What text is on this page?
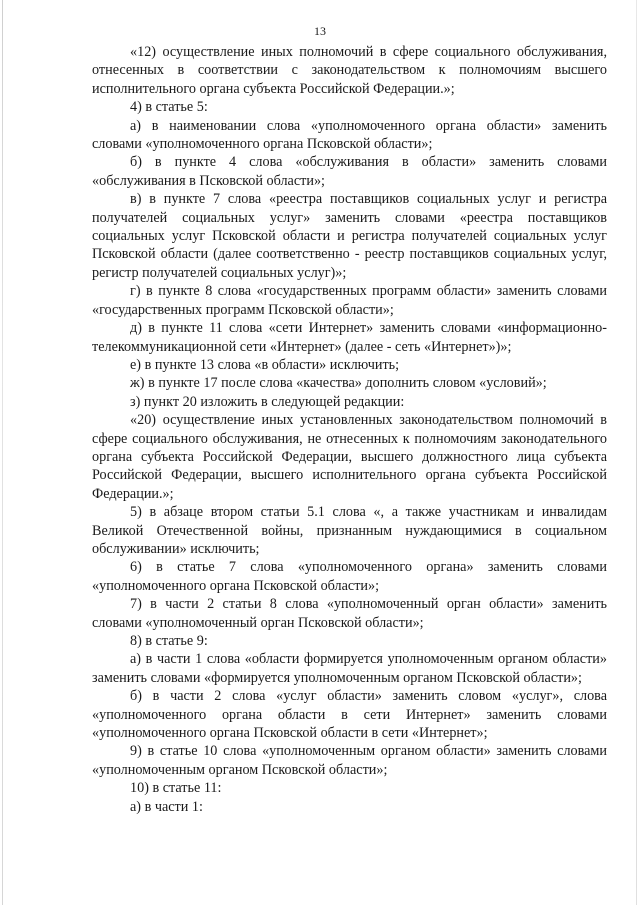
13

«12) осуществление иных полномочий в сфере социального обслуживания, отнесенных в соответствии с законодательством к полномочиям высшего исполнительного органа субъекта Российской Федерации.»;

4) в статье 5:

а) в наименовании слова «уполномоченного органа области» заменить словами «уполномоченного органа Псковской области»;

б) в пункте 4 слова «обслуживания в области» заменить словами «обслуживания в Псковской области»;

в) в пункте 7 слова «реестра поставщиков социальных услуг и регистра получателей социальных услуг» заменить словами «реестра поставщиков социальных услуг Псковской области и регистра получателей социальных услуг Псковской области (далее соответственно - реестр поставщиков социальных услуг, регистр получателей социальных услуг)»;

г) в пункте 8 слова «государственных программ области» заменить словами «государственных программ Псковской области»;

д) в пункте 11 слова «сети Интернет» заменить словами «информационно-телекоммуникационной сети «Интернет» (далее - сеть «Интернет»)»;

е) в пункте 13 слова «в области» исключить;

ж) в пункте 17 после слова «качества» дополнить словом «условий»;

з) пункт 20 изложить в следующей редакции:

«20) осуществление иных установленных законодательством полномочий в сфере социального обслуживания, не отнесенных к полномочиям законодательного органа субъекта Российской Федерации, высшего должностного лица субъекта Российской Федерации, высшего исполнительного органа субъекта Российской Федерации.»;

5) в абзаце втором статьи 5.1 слова «, а также участникам и инвалидам Великой Отечественной войны, признанным нуждающимися в социальном обслуживании» исключить;

6) в статье 7 слова «уполномоченного органа» заменить словами «уполномоченного органа Псковской области»;

7) в части 2 статьи 8 слова «уполномоченный орган области» заменить словами «уполномоченный орган Псковской области»;

8) в статье 9:

а) в части 1 слова «области формируется уполномоченным органом области» заменить словами «формируется уполномоченным органом Псковской области»;

б) в части 2 слова «услуг области» заменить словом «услуг», слова «уполномоченного органа области в сети Интернет» заменить словами «уполномоченного органа Псковской области в сети «Интернет»;

9) в статье 10 слова «уполномоченным органом области» заменить словами «уполномоченным органом Псковской области»;

10) в статье 11:

а) в части 1:
